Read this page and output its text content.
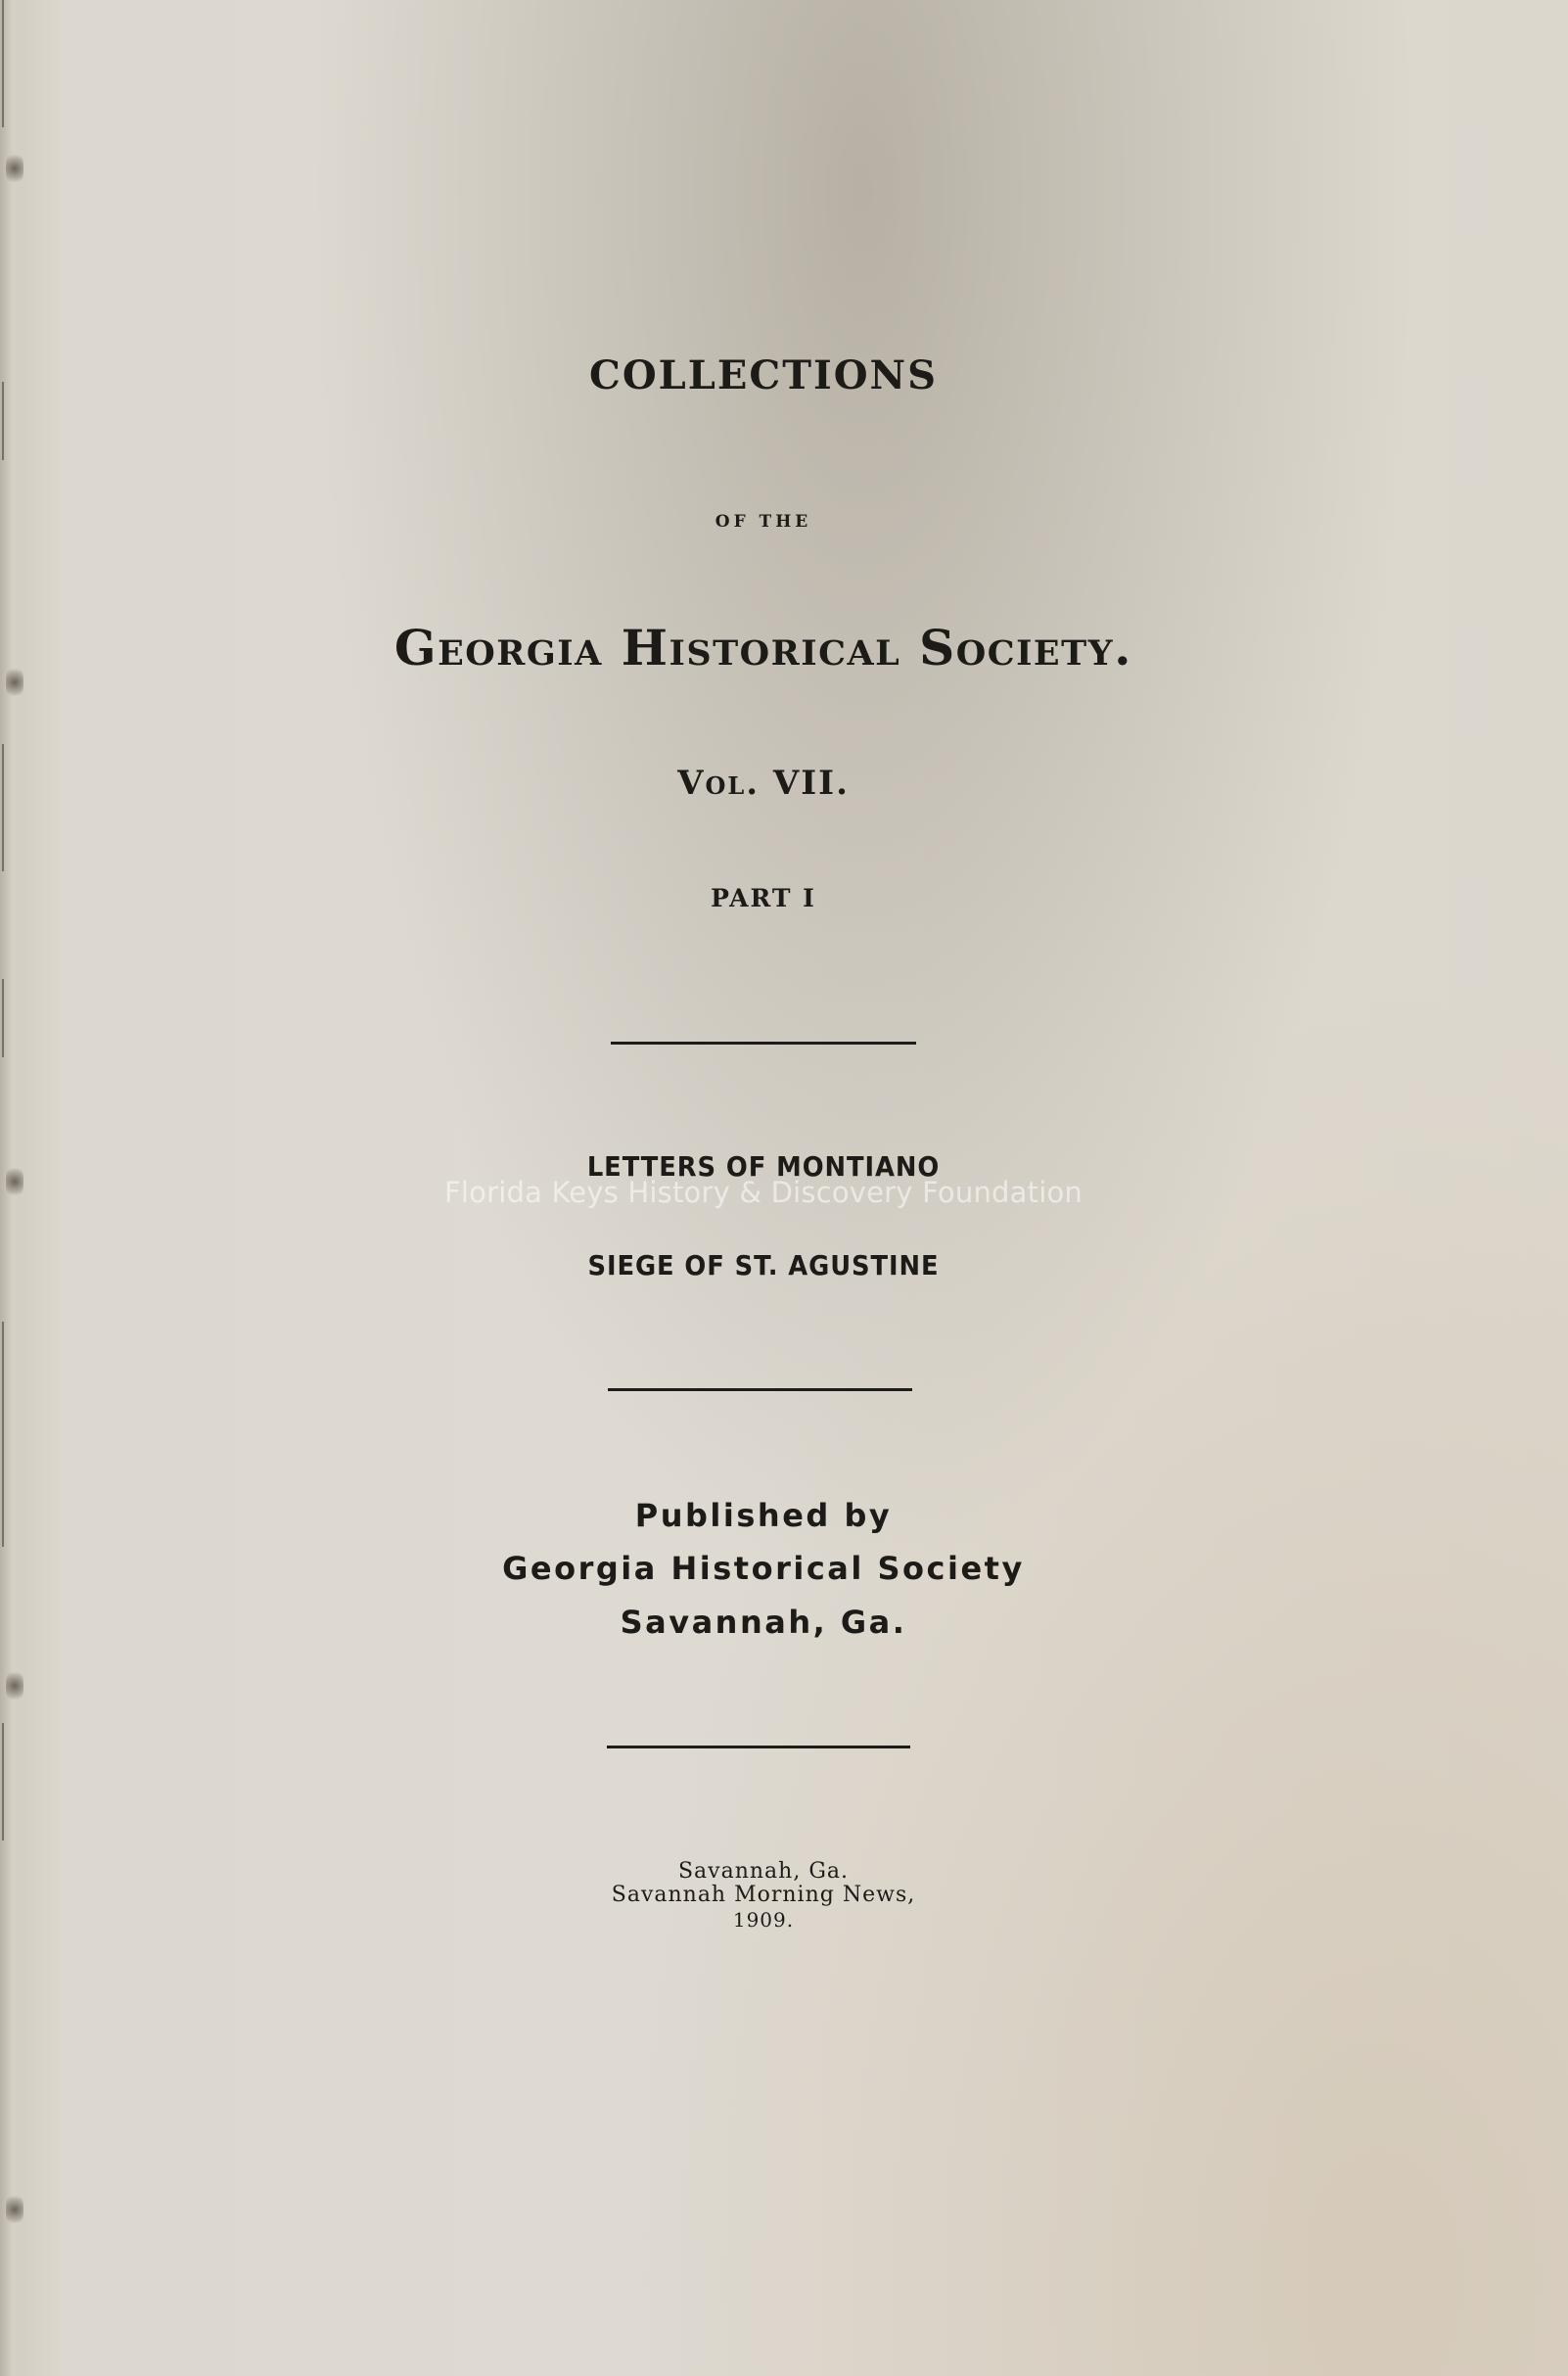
COLLECTIONS
OF THE
Georgia Historical Society.
Vol. VII.
PART I
LETTERS OF MONTIANO
Florida Keys History & Discovery Foundation
SIEGE OF ST. AGUSTINE
Published by
Georgia Historical Society
Savannah, Ga.
Savannah, Ga.
Savannah Morning News,
1909.
